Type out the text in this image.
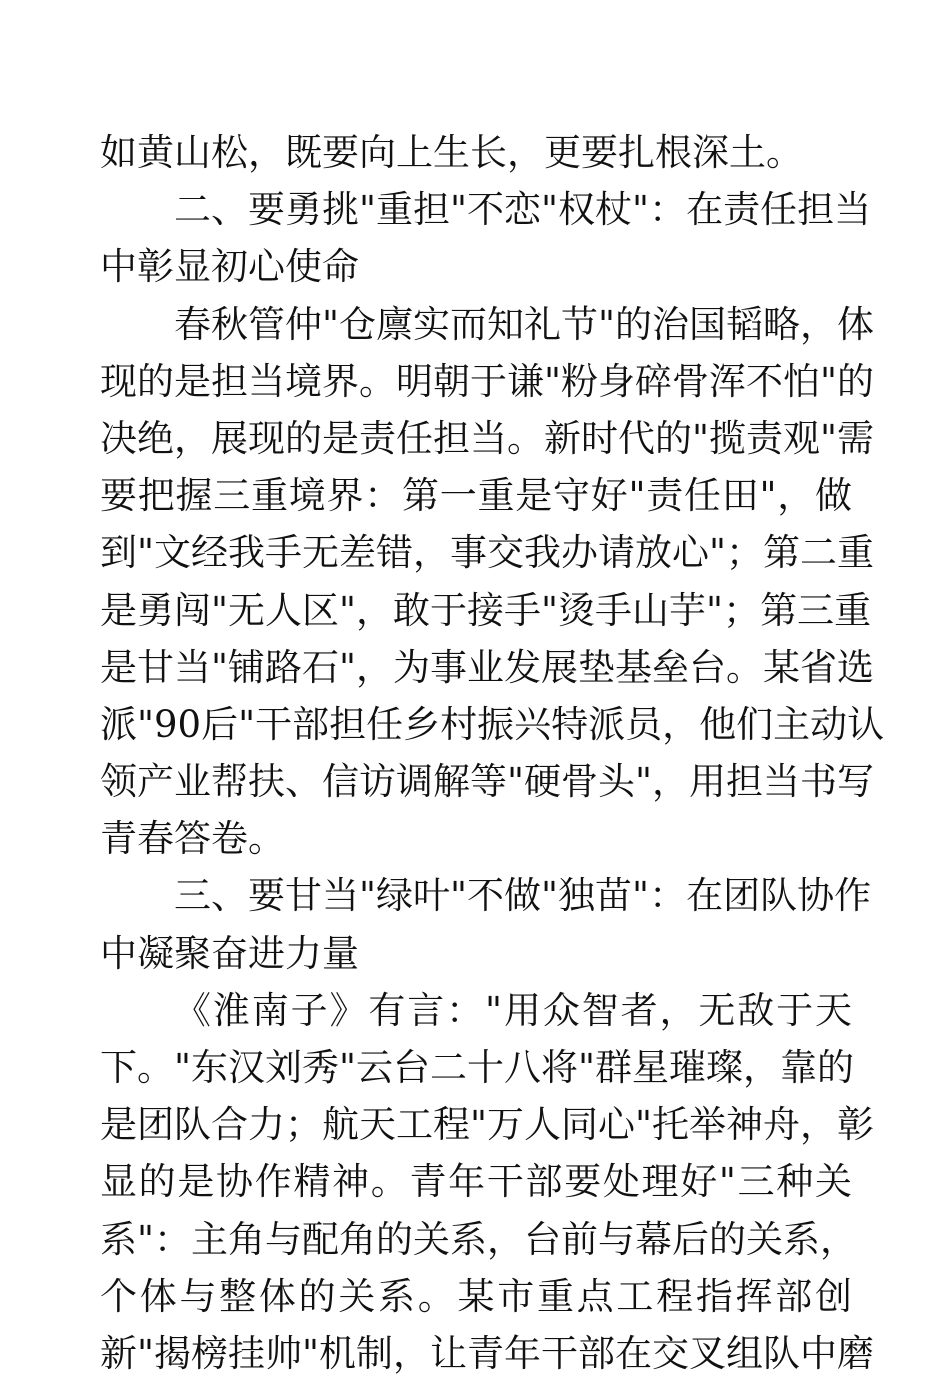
如黄山松，既要向上生长，更要扎根深土。
二、要勇挑"重担"不恋"权杖"：在责任担当
中彰显初心使命
春秋管仲"仓廪实而知礼节"的治国韬略，体
现的是担当境界。明朝于谦"粉身碎骨浑不怕"的
决绝，展现的是责任担当。新时代的"揽责观"需
要把握三重境界：第一重是守好"责任田"，做
到"文经我手无差错，事交我办请放心"；第二重
是勇闯"无人区"，敢于接手"烫手山芋"；第三重
是甘当"铺路石"，为事业发展垫基垒台。某省选
派"90后"干部担任乡村振兴特派员，他们主动认
领产业帮扶、信访调解等"硬骨头"，用担当书写
青春答卷。
三、要甘当"绿叶"不做"独苗"：在团队协作
中凝聚奋进力量
《淮南子》有言："用众智者，无敌于天
下。"东汉刘秀"云台二十八将"群星璀璨，靠的
是团队合力；航天工程"万人同心"托举神舟，彰
显的是协作精神。青年干部要处理好"三种关
系"：主角与配角的关系，台前与幕后的关系，
个体与整体的关系。某市重点工程指挥部创
新"揭榜挂帅"机制，让青年干部在交叉组队中磨
